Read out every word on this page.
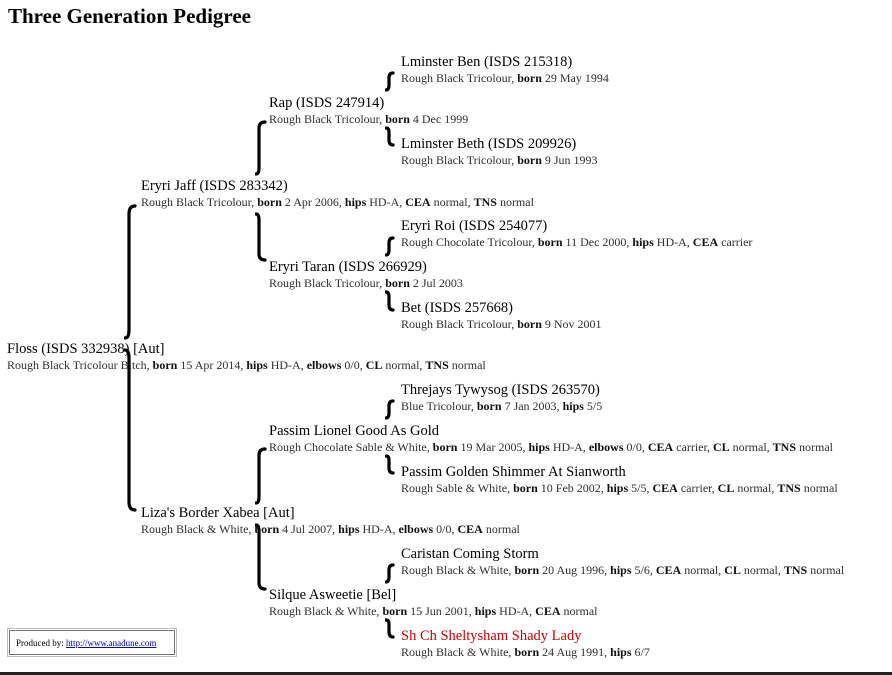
Three Generation Pedigree
Floss (ISDS 332938) [Aut]
Rough Black Tricolour Bitch, born 15 Apr 2014, hips HD-A, elbows 0/0, CL normal, TNS normal
Eryri Jaff (ISDS 283342)
Rough Black Tricolour, born 2 Apr 2006, hips HD-A, CEA normal, TNS normal
Liza's Border Xabea [Aut]
Rough Black & White, born 4 Jul 2007, hips HD-A, elbows 0/0, CEA normal
Rap (ISDS 247914)
Rough Black Tricolour, born 4 Dec 1999
Eryri Taran (ISDS 266929)
Rough Black Tricolour, born 2 Jul 2003
Passim Lionel Good As Gold
Rough Chocolate Sable & White, born 19 Mar 2005, hips HD-A, elbows 0/0, CEA carrier, CL normal, TNS normal
Silque Asweetie [Bel]
Rough Black & White, born 15 Jun 2001, hips HD-A, CEA normal
Lminster Ben (ISDS 215318)
Rough Black Tricolour, born 29 May 1994
Lminster Beth (ISDS 209926)
Rough Black Tricolour, born 9 Jun 1993
Eryri Roi (ISDS 254077)
Rough Chocolate Tricolour, born 11 Dec 2000, hips HD-A, CEA carrier
Bet (ISDS 257668)
Rough Black Tricolour, born 9 Nov 2001
Threjays Tywysog (ISDS 263570)
Blue Tricolour, born 7 Jan 2003, hips 5/5
Passim Golden Shimmer At Sianworth
Rough Sable & White, born 10 Feb 2002, hips 5/5, CEA carrier, CL normal, TNS normal
Caristan Coming Storm
Rough Black & White, born 20 Aug 1996, hips 5/6, CEA normal, CL normal, TNS normal
Sh Ch Sheltysham Shady Lady
Rough Black & White, born 24 Aug 1991, hips 6/7
Produced by: http://www.anadune.com
